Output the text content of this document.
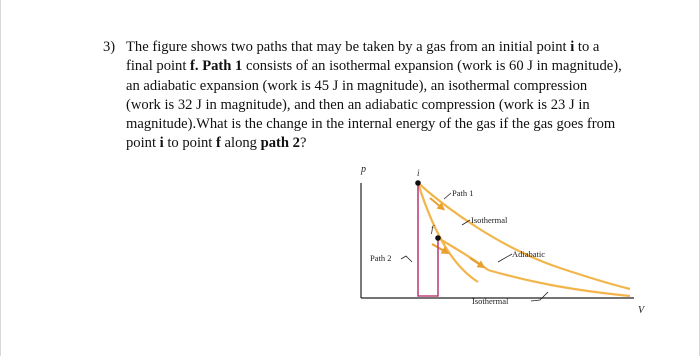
3) The figure shows two paths that may be taken by a gas from an initial point i to a final point f. Path 1 consists of an isothermal expansion (work is 60 J in magnitude), an adiabatic expansion (work is 45 J in magnitude), an isothermal compression (work is 32 J in magnitude), and then an adiabatic compression (work is 23 J in magnitude).What is the change in the internal energy of the gas if the gas goes from point i to point f along path 2?
p
V
i
f
Path 1
Isothermal
Path 2	Adiabatic
Isothermal
